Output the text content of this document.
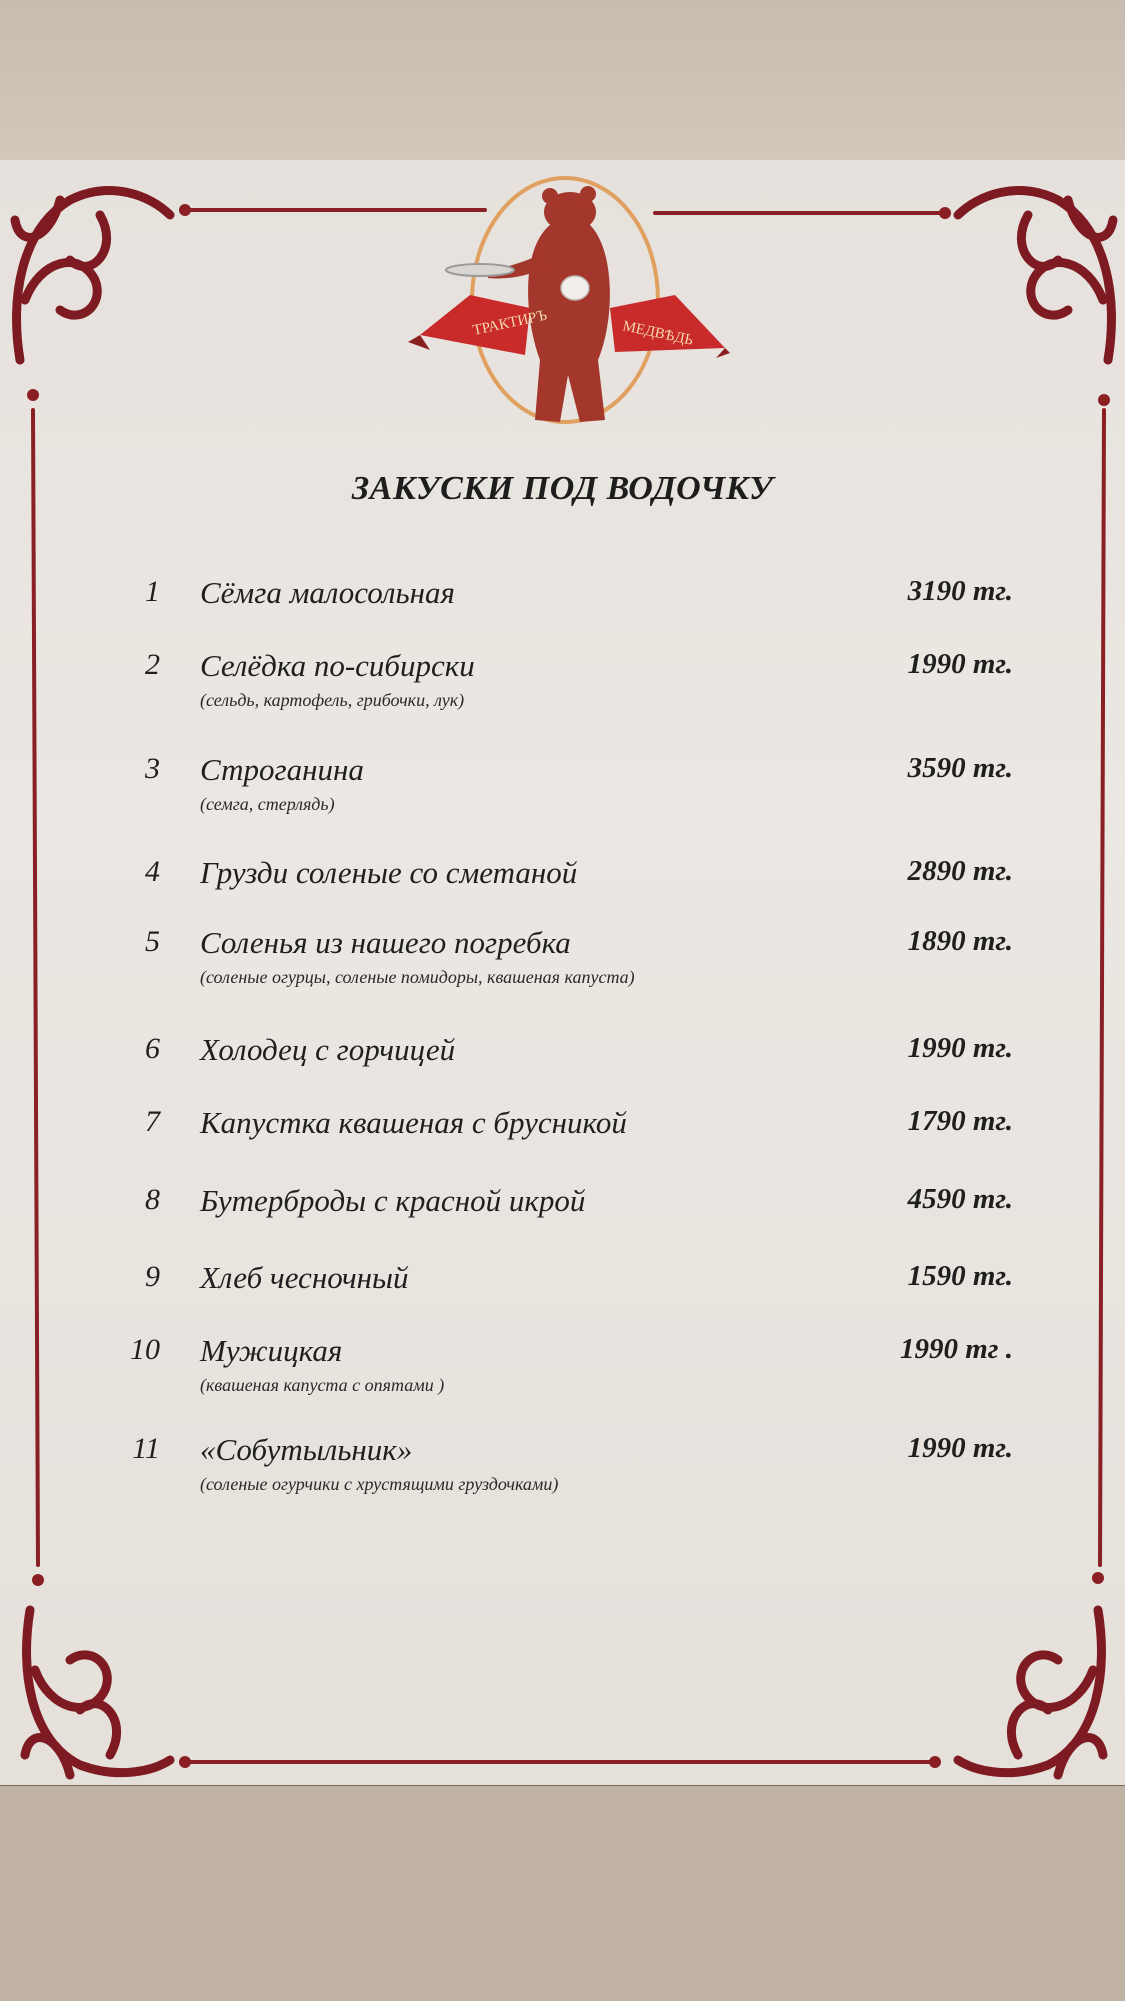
ТРАКТИРЪ	МЕДВѢДЬ
ЗАКУСКИ ПОД ВОДОЧКУ
1 Сёмга малосольная	3190 тг.
2 Селёдка по-сибирски	1990 тг.
(сельдь, картофель, грибочки, лук)
3 Строганина	3590 тг.
(семга, стерлядь)
4 Грузди соленые со сметаной	2890 тг.
5 Соленья из нашего погребка	1890 тг.
(соленые огурцы, соленые помидоры, квашеная капуста)
6 Холодец с горчицей	1990 тг.
7 Капустка квашеная с брусникой	1790 тг.
8 Бутерброды с красной икрой	4590 тг.
9 Хлеб чесночный	1590 тг.
10 Мужицкая	1990 тг .
(квашеная капуста с опятами )
11 «Собутыльник»	1990 тг.
(соленые огурчики с хрустящими груздочками)
